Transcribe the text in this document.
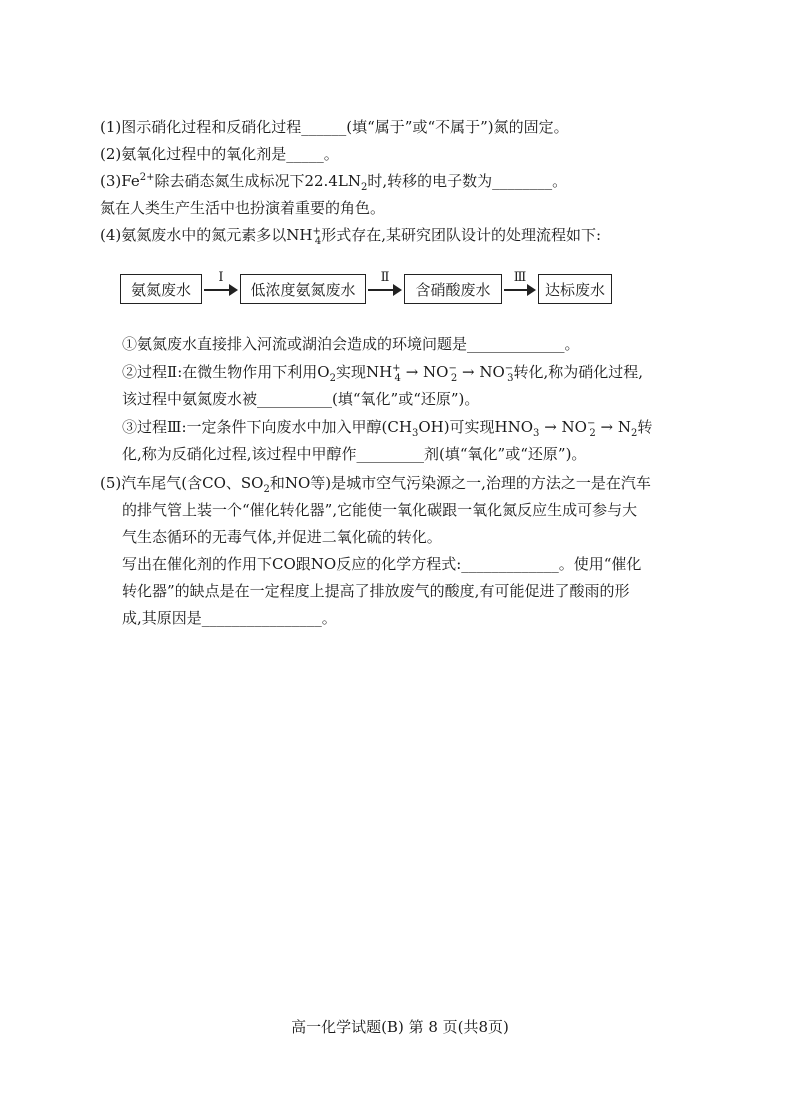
(1)图示硝化过程和反硝化过程______(填“属于”或“不属于”)氮的固定。
(2)氨氧化过程中的氧化剂是_____。
$(3)Fe^{2+}$除去硝态氮生成标况下$22.4LN_2$时,转移的电子数为________。
氮在人类生产生活中也扮演着重要的角色。
(4)氨氮废水中的氮元素多以$NH^+_4$形式存在,某研究团队设计的处理流程如下:
氨氮废水
Ⅰ
低浓度氨氮废水
Ⅱ
含硝酸废水
Ⅲ
达标废水
①氨氮废水直接排入河流或湖泊会造成的环境问题是_____________。
②过程Ⅱ:在微生物作用下利用$O_2$实现$NH^+_4 \to NO^-_2 \to NO^-_3$转化,称为硝化过程,
该过程中氨氮废水被__________(填“氧化”或“还原”)。
③过程Ⅲ:一定条件下向废水中加入甲醇$(CH_3OH)$可实现$HNO_3 \to NO^-_2 \to N_2$转
化,称为反硝化过程,该过程中甲醇作_________剂(填“氧化”或“还原”)。
(5)汽车尾气(含CO、$SO_2$和NO等)是城市空气污染源之一,治理的方法之一是在汽车
的排气管上装一个“催化转化器”,它能使一氧化碳跟一氧化氮反应生成可参与大
气生态循环的无毒气体,并促进二氧化硫的转化。
写出在催化剂的作用下CO跟NO反应的化学方程式:_____________。使用“催化
转化器”的缺点是在一定程度上提高了排放废气的酸度,有可能促进了酸雨的形
成,其原因是________________。
高一化学试题(B) 第 8 页(共8页)
